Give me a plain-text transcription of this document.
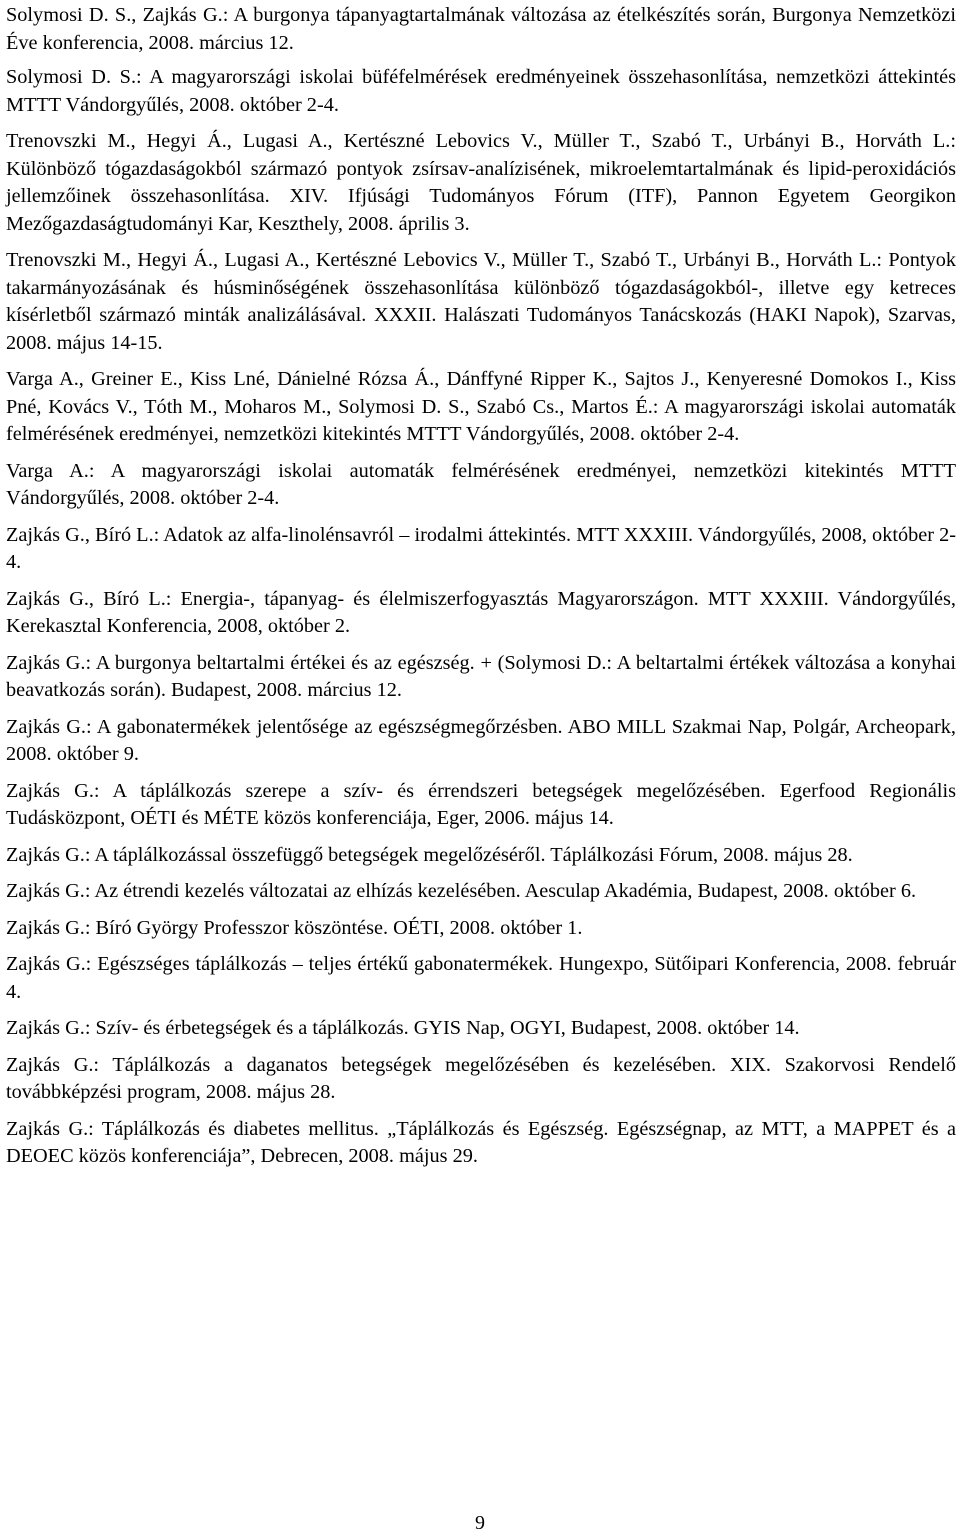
Solymosi D. S., Zajkás G.: A burgonya tápanyagtartalmának változása az ételkészítés során, Burgonya Nemzetközi Éve konferencia, 2008. március 12.

Solymosi D. S.: A magyarországi iskolai büféfelmérések eredményeinek összehasonlítása, nemzetközi áttekintés MTTT Vándorgyűlés, 2008. október 2-4.

Trenovszki M., Hegyi Á., Lugasi A., Kertészné Lebovics V., Müller T., Szabó T., Urbányi B., Horváth L.: Különböző tógazdaságokból származó pontyok zsírsav-analízisének, mikroelemtartalmának és lipid-peroxidációs jellemzőinek összehasonlítása. XIV. Ifjúsági Tudományos Fórum (ITF), Pannon Egyetem Georgikon Mezőgazdaságtudományi Kar, Keszthely, 2008. április 3.

Trenovszki M., Hegyi Á., Lugasi A., Kertészné Lebovics V., Müller T., Szabó T., Urbányi B., Horváth L.: Pontyok takarmányozásának és húsminőségének összehasonlítása különböző tógazdaságokból-, illetve egy ketreces kísérletből származó minták analizálásával. XXXII. Halászati Tudományos Tanácskozás (HAKI Napok), Szarvas, 2008. május 14-15.

Varga A., Greiner E., Kiss Lné, Dánielné Rózsa Á., Dánffyné Ripper K., Sajtos J., Kenyeresné Domokos I., Kiss Pné, Kovács V., Tóth M., Moharos M., Solymosi D. S., Szabó Cs., Martos É.: A magyarországi iskolai automaták felmérésének eredményei, nemzetközi kitekintés MTTT Vándorgyűlés, 2008. október 2-4.

Varga A.: A magyarországi iskolai automaták felmérésének eredményei, nemzetközi kitekintés MTTT Vándorgyűlés, 2008. október 2-4.

Zajkás G., Bíró L.: Adatok az alfa-linolénsavról – irodalmi áttekintés. MTT XXXIII. Vándorgyűlés, 2008, október 2-4.

Zajkás G., Bíró L.: Energia-, tápanyag- és élelmiszerfogyasztás Magyarországon. MTT XXXIII. Vándorgyűlés, Kerekasztal Konferencia, 2008, október 2.

Zajkás G.: A burgonya beltartalmi értékei és az egészség. + (Solymosi D.: A beltartalmi értékek változása a konyhai beavatkozás során). Budapest, 2008. március 12.

Zajkás G.: A gabonatermékek jelentősége az egészségmegőrzésben. ABO MILL Szakmai Nap, Polgár, Archeopark, 2008. október 9.

Zajkás G.: A táplálkozás szerepe a szív- és érrendszeri betegségek megelőzésében. Egerfood Regionális Tudásközpont, OÉTI és MÉTE közös konferenciája, Eger, 2006. május 14.

Zajkás G.: A táplálkozással összefüggő betegségek megelőzéséről. Táplálkozási Fórum, 2008. május 28.

Zajkás G.: Az étrendi kezelés változatai az elhízás kezelésében. Aesculap Akadémia, Budapest, 2008. október 6.

Zajkás G.: Bíró György Professzor köszöntése. OÉTI, 2008. október 1.

Zajkás G.: Egészséges táplálkozás – teljes értékű gabonatermékek. Hungexpo, Sütőipari Konferencia, 2008. február 4.

Zajkás G.: Szív- és érbetegségek és a táplálkozás. GYIS Nap, OGYI, Budapest, 2008. október 14.

Zajkás G.: Táplálkozás a daganatos betegségek megelőzésében és kezelésében. XIX. Szakorvosi Rendelő továbbképzési program, 2008. május 28.

Zajkás G.: Táplálkozás és diabetes mellitus. „Táplálkozás és Egészség. Egészségnap, az MTT, a MAPPET és a DEOEC közös konferenciája”, Debrecen, 2008. május 29.

9
